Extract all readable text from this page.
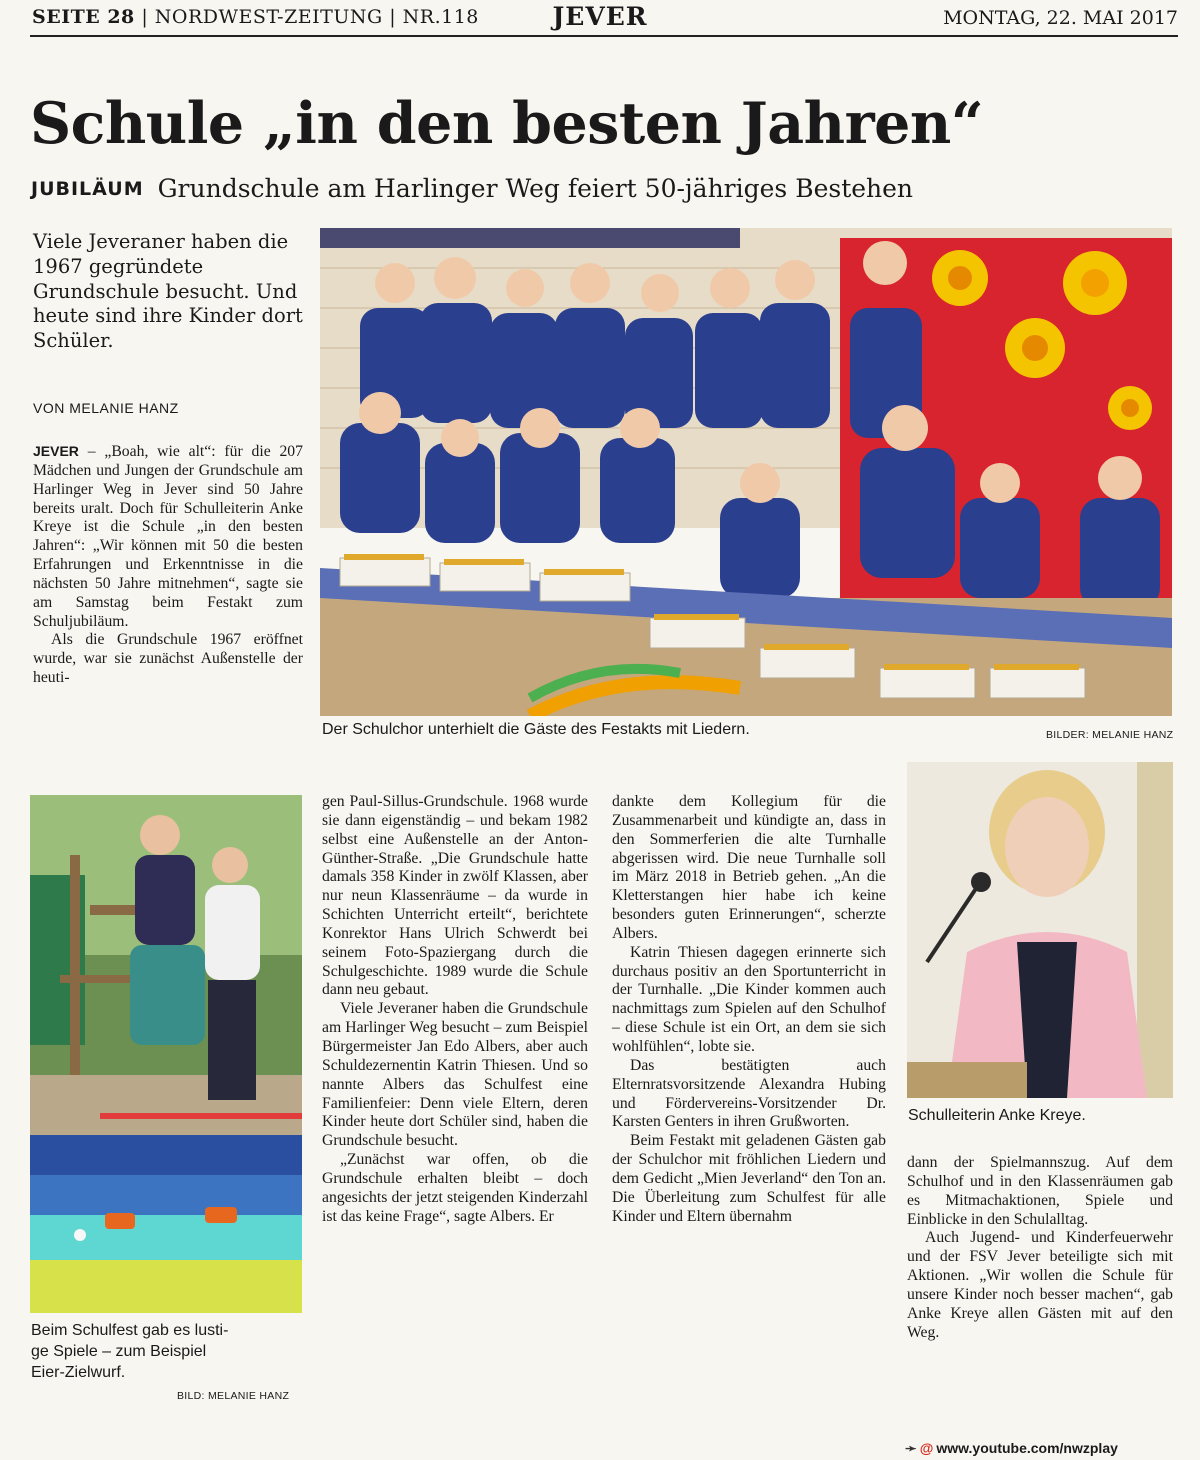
SEITE 28 | NORDWEST-ZEITUNG | NR.118	JEVER	MONTAG, 22. MAI 2017
Schule „in den besten Jahren“
JUBILÄUM Grundschule am Harlinger Weg feiert 50-jähriges Bestehen
Viele Jeveraner haben die 1967 gegründete Grundschule besucht. Und heute sind ihre Kinder dort Schüler.
VON MELANIE HANZ

JEVER – „Boah, wie alt“: für die 207 Mädchen und Jungen der Grundschule am Harlinger Weg in Jever sind 50 Jahre bereits uralt. Doch für Schulleiterin Anke Kreye ist die Schule „in den besten Jahren“: „Wir können mit 50 die besten Erfahrungen und Erkenntnisse in die nächsten 50 Jahre mitnehmen“, sagte sie am Samstag beim Festakt zum Schuljubiläum.

Als die Grundschule 1967 eröffnet wurde, war sie zunächst Außenstelle der heuti-

Der Schulchor unterhielt die Gäste des Festakts mit Liedern.	BILDER: MELANIE HANZ
Beim Schulfest gab es lusti-
ge Spiele – zum Beispiel
Eier-Zielwurf.
BILD: MELANIE HANZ
Schulleiterin Anke Kreye.

gen Paul-Sillus-Grundschule. 1968 wurde sie dann eigenständig – und bekam 1982 selbst eine Außenstelle an der Anton-Günther-Straße. „Die Grundschule hatte damals 358 Kinder in zwölf Klassen, aber nur neun Klassenräume – da wurde in Schichten Unterricht erteilt“, berichtete Konrektor Hans Ulrich Schwerdt bei seinem Foto-Spaziergang durch die Schulgeschichte. 1989 wurde die Schule dann neu gebaut.

Viele Jeveraner haben die Grundschule am Harlinger Weg besucht – zum Beispiel Bürgermeister Jan Edo Albers, aber auch Schuldezernentin Katrin Thiesen. Und so nannte Albers das Schulfest eine Familienfeier: Denn viele Eltern, deren Kinder heute dort Schüler sind, haben die Grundschule besucht.

„Zunächst war offen, ob die Grundschule erhalten bleibt – doch angesichts der jetzt steigenden Kinderzahl ist das keine Frage“, sagte Albers. Er

dankte dem Kollegium für die Zusammenarbeit und kündigte an, dass in den Sommerferien die alte Turnhalle abgerissen wird. Die neue Turnhalle soll im März 2018 in Betrieb gehen. „An die Kletterstangen hier habe ich keine besonders guten Erinnerungen“, scherzte Albers.

Katrin Thiesen dagegen erinnerte sich durchaus positiv an den Sportunterricht in der Turnhalle. „Die Kinder kommen auch nachmittags zum Spielen auf den Schulhof – diese Schule ist ein Ort, an dem sie sich wohlfühlen“, lobte sie.

Das bestätigten auch Elternratsvorsitzende Alexandra Hubing und Fördervereins-Vorsitzender Dr. Karsten Genters in ihren Grußworten.

Beim Festakt mit geladenen Gästen gab der Schulchor mit fröhlichen Liedern und dem Gedicht „Mien Jeverland“ den Ton an. Die Überleitung zum Schulfest für alle Kinder und Eltern übernahm

dann der Spielmannszug. Auf dem Schulhof und in den Klassenräumen gab es Mitmachaktionen, Spiele und Einblicke in den Schulalltag.

Auch Jugend- und Kinderfeuerwehr und der FSV Jever beteiligte sich mit Aktionen. „Wir wollen die Schule für unsere Kinder noch besser machen“, gab Anke Kreye allen Gästen mit auf den Weg.

➛ @ www.youtube.com/nwzplay
